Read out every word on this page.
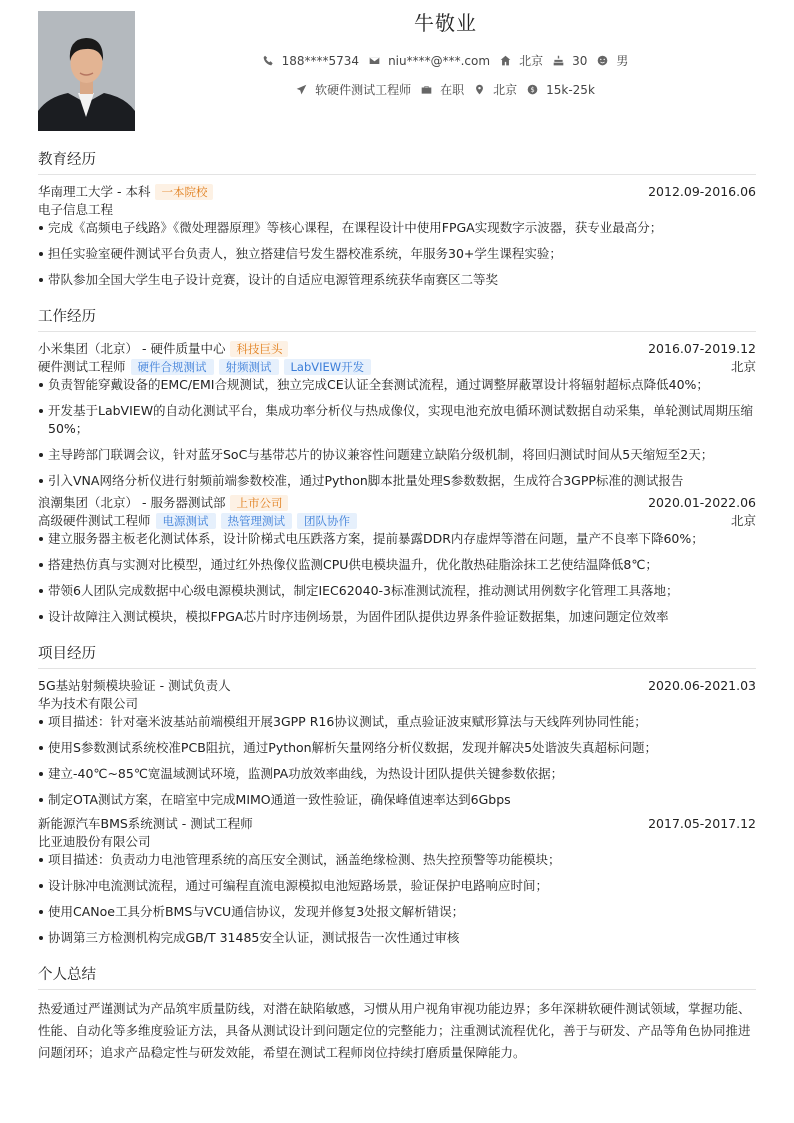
牛敬业
188****5734 niu****@***.com 北京 30 男
软硬件测试工程师 在职 北京 $ 15k-25k
教育经历
华南理工大学 - 本科 一本院校	2012.09-2016.06
电子信息工程
完成《高频电子线路》《微处理器原理》等核心课程，在课程设计中使用FPGA实现数字示波器，获专业最高分；
担任实验室硬件测试平台负责人，独立搭建信号发生器校准系统，年服务30+学生课程实验；
带队参加全国大学生电子设计竞赛，设计的自适应电源管理系统获华南赛区二等奖
工作经历
小米集团（北京） - 硬件质量中心 科技巨头	2016.07-2019.12
硬件测试工程师	硬件合规测试	射频测试	LabVIEW开发	北京
负责智能穿戴设备的EMC/EMI合规测试，独立完成CE认证全套测试流程，通过调整屏蔽罩设计将辐射超标点降低40%；
开发基于LabVIEW的自动化测试平台，集成功率分析仪与热成像仪，实现电池充放电循环测试数据自动采集，单轮测试周期压缩50%；
主导跨部门联调会议，针对蓝牙SoC与基带芯片的协议兼容性问题建立缺陷分级机制，将回归测试时间从5天缩短至2天；
引入VNA网络分析仪进行射频前端参数校准，通过Python脚本批量处理S参数数据，生成符合3GPP标准的测试报告
浪潮集团（北京） - 服务器测试部 上市公司	2020.01-2022.06
高级硬件测试工程师	电源测试	热管理测试	团队协作	北京
建立服务器主板老化测试体系，设计阶梯式电压跌落方案，提前暴露DDR内存虚焊等潜在问题，量产不良率下降60%；
搭建热仿真与实测对比模型，通过红外热像仪监测CPU供电模块温升，优化散热硅脂涂抹工艺使结温降低8℃；
带领6人团队完成数据中心级电源模块测试，制定IEC62040-3标准测试流程，推动测试用例数字化管理工具落地；
设计故障注入测试模块，模拟FPGA芯片时序违例场景，为固件团队提供边界条件验证数据集，加速问题定位效率
项目经历
5G基站射频模块验证 - 测试负责人	2020.06-2021.03
华为技术有限公司
项目描述：针对毫米波基站前端模组开展3GPP R16协议测试，重点验证波束赋形算法与天线阵列协同性能；
使用S参数测试系统校准PCB阻抗，通过Python解析矢量网络分析仪数据，发现并解决5处谐波失真超标问题；
建立-40℃~85℃宽温域测试环境，监测PA功放效率曲线，为热设计团队提供关键参数依据；
制定OTA测试方案，在暗室中完成MIMO通道一致性验证，确保峰值速率达到6Gbps
新能源汽车BMS系统测试 - 测试工程师	2017.05-2017.12
比亚迪股份有限公司
项目描述：负责动力电池管理系统的高压安全测试，涵盖绝缘检测、热失控预警等功能模块；
设计脉冲电流测试流程，通过可编程直流电源模拟电池短路场景，验证保护电路响应时间；
使用CANoe工具分析BMS与VCU通信协议，发现并修复3处报文解析错误；
协调第三方检测机构完成GB/T 31485安全认证，测试报告一次性通过审核
个人总结
热爱通过严谨测试为产品筑牢质量防线，对潜在缺陷敏感，习惯从用户视角审视功能边界；多年深耕软硬件测试领域，掌握功能、性能、自动化等多维度验证方法，具备从测试设计到问题定位的完整能力；注重测试流程优化，善于与研发、产品等角色协同推进问题闭环；追求产品稳定性与研发效能，希望在测试工程师岗位持续打磨质量保障能力。
